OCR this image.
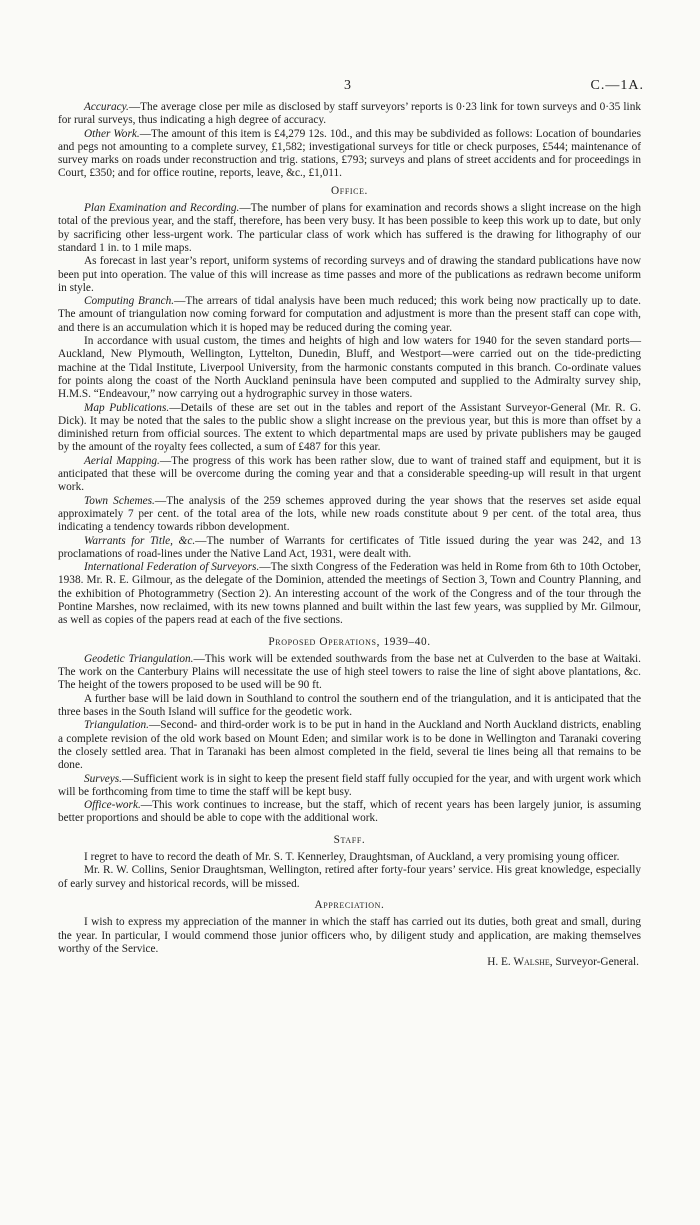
3	C.—1A.

Accuracy.—The average close per mile as disclosed by staff surveyors’ reports is 0·23 link for town surveys and 0·35 link for rural surveys, thus indicating a high degree of accuracy.

Other Work.—The amount of this item is £4,279 12s. 10d., and this may be subdivided as follows: Location of boundaries and pegs not amounting to a complete survey, £1,582; investigational surveys for title or check purposes, £544; maintenance of survey marks on roads under reconstruction and trig. stations, £793; surveys and plans of street accidents and for proceedings in Court, £350; and for office routine, reports, leave, &c., £1,011.

Office.

Plan Examination and Recording.—The number of plans for examination and records shows a slight increase on the high total of the previous year, and the staff, therefore, has been very busy. It has been possible to keep this work up to date, but only by sacrificing other less-urgent work. The particular class of work which has suffered is the drawing for lithography of our standard 1 in. to 1 mile maps.

As forecast in last year’s report, uniform systems of recording surveys and of drawing the standard publications have now been put into operation. The value of this will increase as time passes and more of the publications as redrawn become uniform in style.

Computing Branch.—The arrears of tidal analysis have been much reduced; this work being now practically up to date. The amount of triangulation now coming forward for computation and adjustment is more than the present staff can cope with, and there is an accumulation which it is hoped may be reduced during the coming year.

In accordance with usual custom, the times and heights of high and low waters for 1940 for the seven standard ports—Auckland, New Plymouth, Wellington, Lyttelton, Dunedin, Bluff, and Westport—were carried out on the tide-predicting machine at the Tidal Institute, Liverpool University, from the harmonic constants computed in this branch. Co-ordinate values for points along the coast of the North Auckland peninsula have been computed and supplied to the Admiralty survey ship, H.M.S. “Endeavour,” now carrying out a hydrographic survey in those waters.

Map Publications.—Details of these are set out in the tables and report of the Assistant Surveyor-General (Mr. R. G. Dick). It may be noted that the sales to the public show a slight increase on the previous year, but this is more than offset by a diminished return from official sources. The extent to which departmental maps are used by private publishers may be gauged by the amount of the royalty fees collected, a sum of £487 for this year.

Aerial Mapping.—The progress of this work has been rather slow, due to want of trained staff and equipment, but it is anticipated that these will be overcome during the coming year and that a considerable speeding-up will result in that urgent work.

Town Schemes.—The analysis of the 259 schemes approved during the year shows that the reserves set aside equal approximately 7 per cent. of the total area of the lots, while new roads constitute about 9 per cent. of the total area, thus indicating a tendency towards ribbon development.

Warrants for Title, &c.—The number of Warrants for certificates of Title issued during the year was 242, and 13 proclamations of road-lines under the Native Land Act, 1931, were dealt with.

International Federation of Surveyors.—The sixth Congress of the Federation was held in Rome from 6th to 10th October, 1938. Mr. R. E. Gilmour, as the delegate of the Dominion, attended the meetings of Section 3, Town and Country Planning, and the exhibition of Photogrammetry (Section 2). An interesting account of the work of the Congress and of the tour through the Pontine Marshes, now reclaimed, with its new towns planned and built within the last few years, was supplied by Mr. Gilmour, as well as copies of the papers read at each of the five sections.

Proposed Operations, 1939–40.

Geodetic Triangulation.—This work will be extended southwards from the base net at Culverden to the base at Waitaki. The work on the Canterbury Plains will necessitate the use of high steel towers to raise the line of sight above plantations, &c. The height of the towers proposed to be used will be 90 ft.

A further base will be laid down in Southland to control the southern end of the triangulation, and it is anticipated that the three bases in the South Island will suffice for the geodetic work.

Triangulation.—Second- and third-order work is to be put in hand in the Auckland and North Auckland districts, enabling a complete revision of the old work based on Mount Eden; and similar work is to be done in Wellington and Taranaki covering the closely settled area. That in Taranaki has been almost completed in the field, several tie lines being all that remains to be done.

Surveys.—Sufficient work is in sight to keep the present field staff fully occupied for the year, and with urgent work which will be forthcoming from time to time the staff will be kept busy.

Office-work.—This work continues to increase, but the staff, which of recent years has been largely junior, is assuming better proportions and should be able to cope with the additional work.

Staff.

I regret to have to record the death of Mr. S. T. Kennerley, Draughtsman, of Auckland, a very promising young officer.

Mr. R. W. Collins, Senior Draughtsman, Wellington, retired after forty-four years’ service. His great knowledge, especially of early survey and historical records, will be missed.

Appreciation.

I wish to express my appreciation of the manner in which the staff has carried out its duties, both great and small, during the year. In particular, I would commend those junior officers who, by diligent study and application, are making themselves worthy of the Service.

H. E. Walshe, Surveyor-General.
